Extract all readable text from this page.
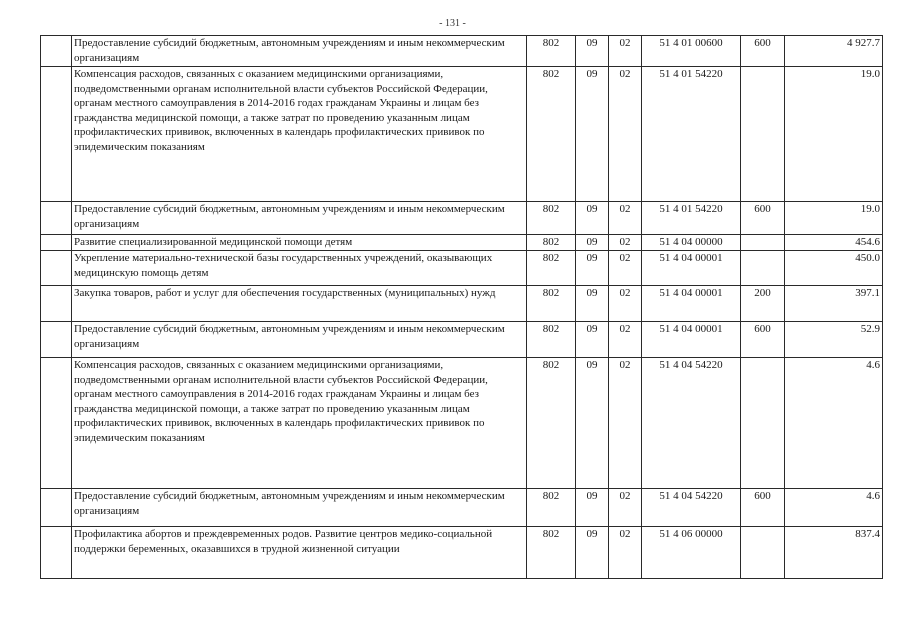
- 131 -
	Предоставление субсидий бюджетным, автономным учреждениям и иным некоммерческим организациям	802	09	02	51 4 01 00600	600	4 927.7
	Компенсация расходов, связанных с оказанием медицинскими организациями, подведомственными органам исполнительной власти субъектов Российской Федерации, органам местного самоуправления в 2014-2016 годах гражданам Украины и лицам без гражданства медицинской помощи, а также затрат по проведению указанным лицам профилактических прививок, включенных в календарь профилактических прививок по эпидемическим показаниям	802	09	02	51 4 01 54220		19.0
	Предоставление субсидий бюджетным, автономным учреждениям и иным некоммерческим организациям	802	09	02	51 4 01 54220	600	19.0
	Развитие специализированной медицинской помощи детям	802	09	02	51 4 04 00000		454.6
	Укрепление материально-технической базы государственных учреждений, оказывающих медицинскую помощь детям	802	09	02	51 4 04 00001		450.0
	Закупка товаров, работ и услуг для обеспечения государственных (муниципальных) нужд	802	09	02	51 4 04 00001	200	397.1
	Предоставление субсидий бюджетным, автономным учреждениям и иным некоммерческим организациям	802	09	02	51 4 04 00001	600	52.9
	Компенсация расходов, связанных с оказанием медицинскими организациями, подведомственными органам исполнительной власти субъектов Российской Федерации, органам местного самоуправления в 2014-2016 годах гражданам Украины и лицам без гражданства медицинской помощи, а также затрат по проведению указанным лицам профилактических прививок, включенных в календарь профилактических прививок по эпидемическим показаниям	802	09	02	51 4 04 54220		4.6
	Предоставление субсидий бюджетным, автономным учреждениям и иным некоммерческим организациям	802	09	02	51 4 04 54220	600	4.6
	Профилактика абортов и преждевременных родов. Развитие центров медико-социальной поддержки беременных, оказавшихся в трудной жизненной ситуации	802	09	02	51 4 06 00000		837.4
